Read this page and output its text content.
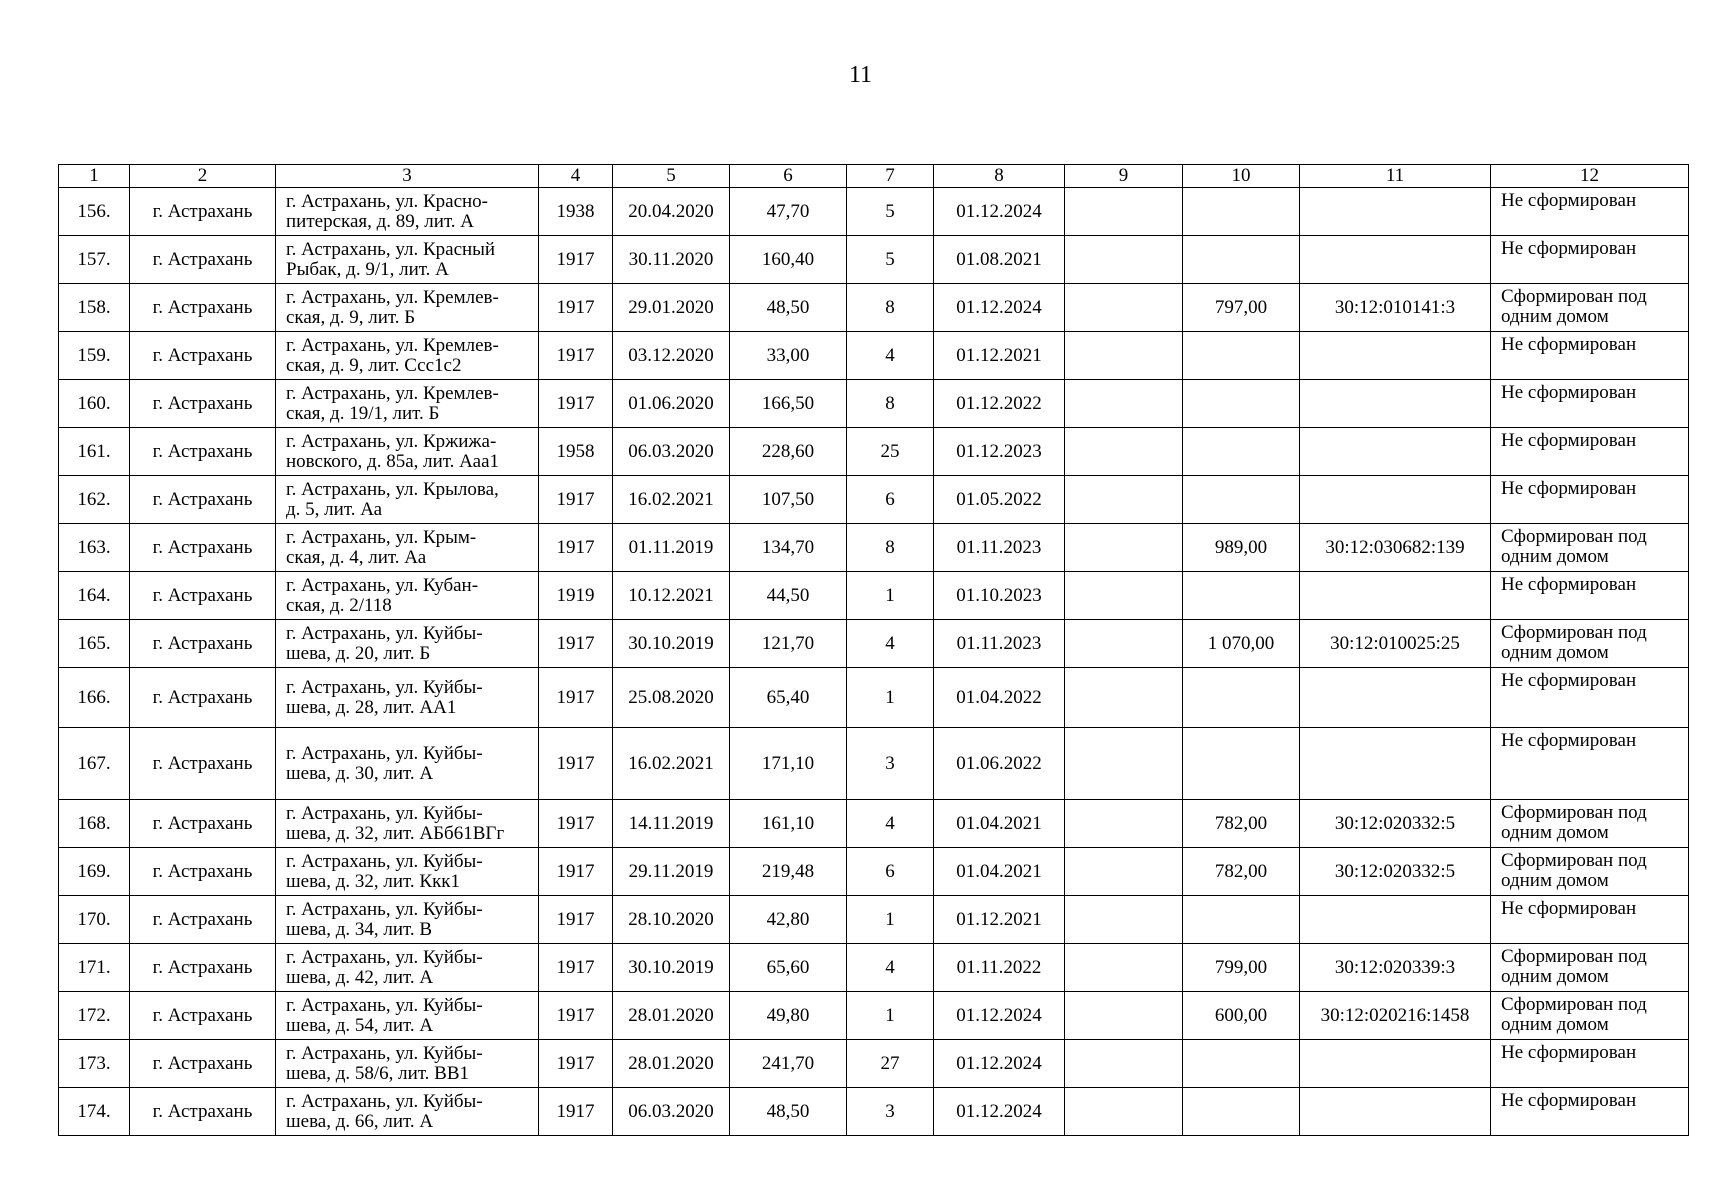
11
1	2	3	4	5	6	7	8	9	10	11	12
156.	г. Астрахань	г. Астрахань, ул. Красно-
питерская, д. 89, лит. А	1938	20.04.2020	47,70	5	01.12.2024				Не сформирован
157.	г. Астрахань	г. Астрахань, ул. Красный
Рыбак, д. 9/1, лит. А	1917	30.11.2020	160,40	5	01.08.2021				Не сформирован
158.	г. Астрахань	г. Астрахань, ул. Кремлев-
ская, д. 9, лит. Б	1917	29.01.2020	48,50	8	01.12.2024		797,00	30:12:010141:3	Сформирован под
одним домом
159.	г. Астрахань	г. Астрахань, ул. Кремлев-
ская, д. 9, лит. Ссс1с2	1917	03.12.2020	33,00	4	01.12.2021				Не сформирован
160.	г. Астрахань	г. Астрахань, ул. Кремлев-
ская, д. 19/1, лит. Б	1917	01.06.2020	166,50	8	01.12.2022				Не сформирован
161.	г. Астрахань	г. Астрахань, ул. Кржижа-
новского, д. 85а, лит. Ааа1	1958	06.03.2020	228,60	25	01.12.2023				Не сформирован
162.	г. Астрахань	г. Астрахань, ул. Крылова,
д. 5, лит. Аа	1917	16.02.2021	107,50	6	01.05.2022				Не сформирован
163.	г. Астрахань	г. Астрахань, ул. Крым-
ская, д. 4, лит. Аа	1917	01.11.2019	134,70	8	01.11.2023		989,00	30:12:030682:139	Сформирован под
одним домом
164.	г. Астрахань	г. Астрахань, ул. Кубан-
ская, д. 2/118	1919	10.12.2021	44,50	1	01.10.2023				Не сформирован
165.	г. Астрахань	г. Астрахань, ул. Куйбы-
шева, д. 20, лит. Б	1917	30.10.2019	121,70	4	01.11.2023		1 070,00	30:12:010025:25	Сформирован под
одним домом
166.	г. Астрахань	г. Астрахань, ул. Куйбы-
шева, д. 28, лит. АА1	1917	25.08.2020	65,40	1	01.04.2022				Не сформирован
167.	г. Астрахань	г. Астрахань, ул. Куйбы-
шева, д. 30, лит. А	1917	16.02.2021	171,10	3	01.06.2022				Не сформирован
168.	г. Астрахань	г. Астрахань, ул. Куйбы-
шева, д. 32, лит. АБб61ВГг	1917	14.11.2019	161,10	4	01.04.2021		782,00	30:12:020332:5	Сформирован под
одним домом
169.	г. Астрахань	г. Астрахань, ул. Куйбы-
шева, д. 32, лит. Ккк1	1917	29.11.2019	219,48	6	01.04.2021		782,00	30:12:020332:5	Сформирован под
одним домом
170.	г. Астрахань	г. Астрахань, ул. Куйбы-
шева, д. 34, лит. В	1917	28.10.2020	42,80	1	01.12.2021				Не сформирован
171.	г. Астрахань	г. Астрахань, ул. Куйбы-
шева, д. 42, лит. А	1917	30.10.2019	65,60	4	01.11.2022		799,00	30:12:020339:3	Сформирован под
одним домом
172.	г. Астрахань	г. Астрахань, ул. Куйбы-
шева, д. 54, лит. А	1917	28.01.2020	49,80	1	01.12.2024		600,00	30:12:020216:1458	Сформирован под
одним домом
173.	г. Астрахань	г. Астрахань, ул. Куйбы-
шева, д. 58/6, лит. ВВ1	1917	28.01.2020	241,70	27	01.12.2024				Не сформирован
174.	г. Астрахань	г. Астрахань, ул. Куйбы-
шева, д. 66, лит. А	1917	06.03.2020	48,50	3	01.12.2024				Не сформирован
